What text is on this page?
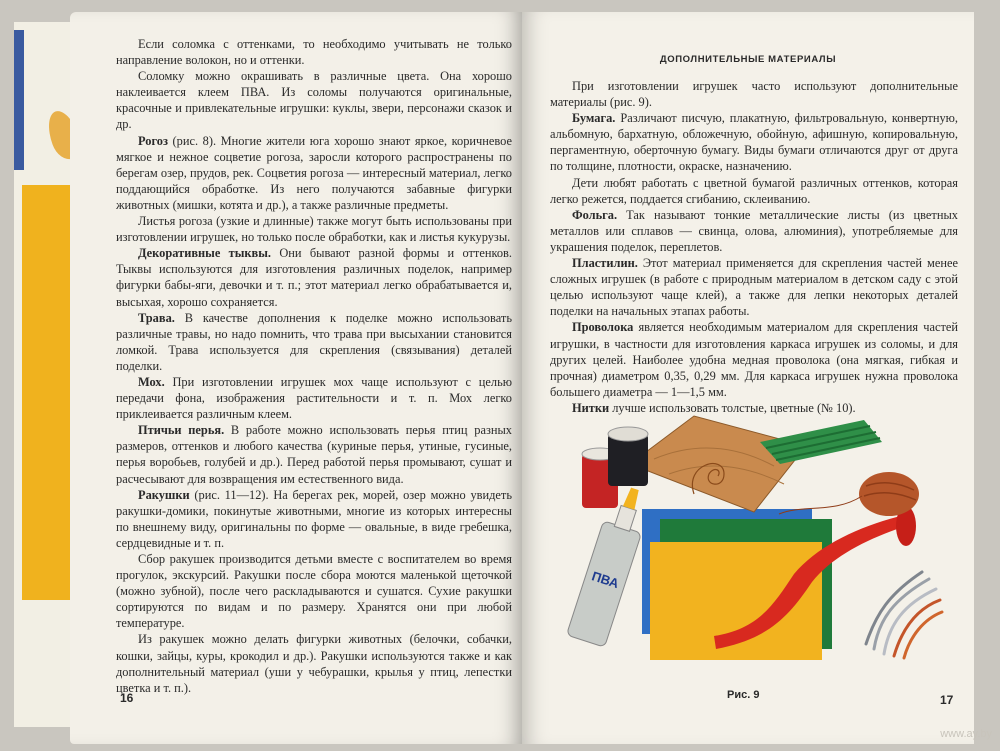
Если соломка с оттенками, то необходимо учитывать не только направление волокон, но и оттенки.

Соломку можно окрашивать в различные цвета. Она хорошо наклеивается клеем ПВА. Из соломы получаются оригинальные, красочные и привлекательные игрушки: куклы, звери, персонажи сказок и др.

Рогоз (рис. 8). Многие жители юга хорошо знают яркое, коричневое мягкое и нежное соцветие рогоза, заросли которого распространены по берегам озер, прудов, рек. Соцветия рогоза — интересный материал, легко поддающийся обработке. Из него получаются забавные фигурки животных (мишки, котята и др.), а также различные предметы.

Листья рогоза (узкие и длинные) также могут быть использованы при изготовлении игрушек, но только после обработки, как и листья кукурузы.

Декоративные тыквы. Они бывают разной формы и оттенков. Тыквы используются для изготовления различных поделок, например фигурки бабы-яги, девочки и т. п.; этот материал легко обрабатывается и, высыхая, хорошо сохраняется.

Трава. В качестве дополнения к поделке можно использовать различные травы, но надо помнить, что трава при высыхании становится ломкой. Трава используется для скрепления (связывания) деталей поделки.

Мох. При изготовлении игрушек мох чаще используют с целью передачи фона, изображения растительности и т. п. Мох легко приклеивается различным клеем.

Птичьи перья. В работе можно использовать перья птиц разных размеров, оттенков и любого качества (куриные перья, утиные, гусиные, перья воробьев, голубей и др.). Перед работой перья промывают, сушат и расчесывают для возвращения им естественного вида.

Ракушки (рис. 11—12). На берегах рек, морей, озер можно увидеть ракушки-домики, покинутые животными, многие из которых интересны по внешнему виду, оригинальны по форме — овальные, в виде гребешка, сердцевидные и т. п.

Сбор ракушек производится детьми вместе с воспитателем во время прогулок, экскурсий. Ракушки после сбора моются маленькой щеточкой (можно зубной), после чего раскладываются и сушатся. Сухие ракушки сортируются по видам и по размеру. Хранятся они при любой температуре.

Из ракушек можно делать фигурки животных (белочки, собачки, кошки, зайцы, куры, крокодил и др.). Ракушки используются также и как дополнительный материал (уши у чебурашки, крылья у птиц, лепестки цветка и т. п.).

16
ДОПОЛНИТЕЛЬНЫЕ МАТЕРИАЛЫ

При изготовлении игрушек часто используют дополнительные материалы (рис. 9).

Бумага. Различают писчую, плакатную, фильтровальную, конвертную, альбомную, бархатную, обложечную, обойную, афишную, копировальную, пергаментную, оберточную бумагу. Виды бумаги отличаются друг от друга по толщине, плотности, окраске, назначению.

Дети любят работать с цветной бумагой различных оттенков, которая легко режется, поддается сгибанию, склеиванию.

Фольга. Так называют тонкие металлические листы (из цветных металлов или сплавов — свинца, олова, алюминия), употребляемые для украшения поделок, переплетов.

Пластилин. Этот материал применяется для скрепления частей менее сложных игрушек (в работе с природным материалом в детском саду с этой целью используют чаще клей), а также для лепки некоторых деталей поделки на начальных этапах работы.

Проволока является необходимым материалом для скрепления частей игрушки, в частности для изготовления каркаса игрушек из соломы, и для других целей. Наиболее удобна медная проволока (она мягкая, гибкая и прочная) диаметром 0,35, 0,29 мм. Для каркаса игрушек нужна проволока большего диаметра — 1—1,5 мм.

Нитки лучше использовать толстые, цветные (№ 10).

ПВА
Рис. 9	17
www.ay.by
